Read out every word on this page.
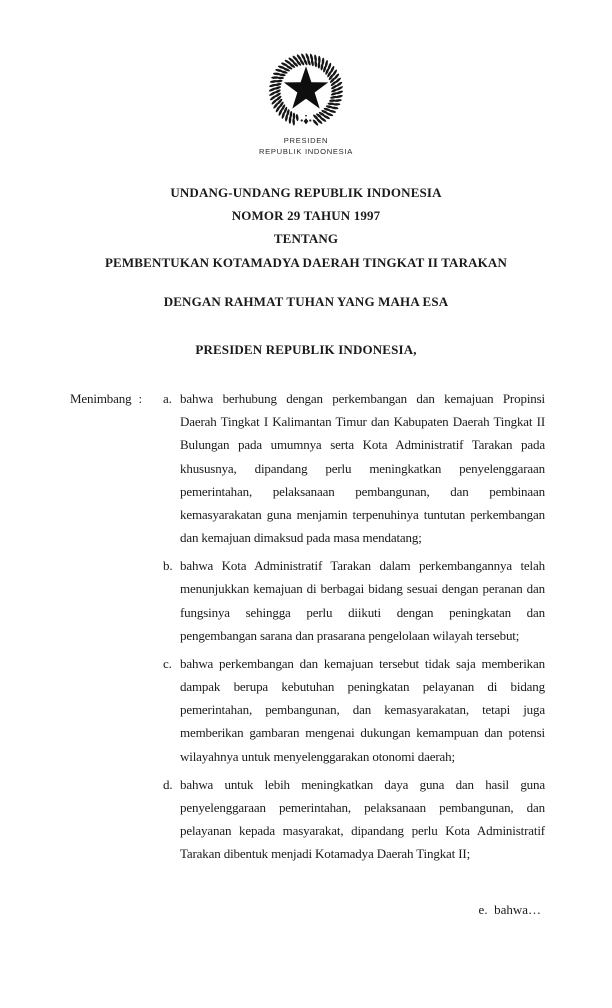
PRESIDEN
REPUBLIK INDONESIA
UNDANG-UNDANG REPUBLIK INDONESIA
NOMOR 29 TAHUN 1997
TENTANG
PEMBENTUKAN KOTAMADYA DAERAH TINGKAT II TARAKAN
DENGAN RAHMAT TUHAN YANG MAHA ESA
PRESIDEN REPUBLIK INDONESIA,
Menimbang : a. bahwa berhubung dengan perkembangan dan kemajuan Propinsi Daerah Tingkat I Kalimantan Timur dan Kabupaten Daerah Tingkat II Bulungan pada umumnya serta Kota Administratif Tarakan pada khususnya, dipandang perlu meningkatkan penyelenggaraan pemerintahan, pelaksanaan pembangunan, dan pembinaan kemasyarakatan guna menjamin terpenuhinya tuntutan perkembangan dan kemajuan dimaksud pada masa mendatang;

b. bahwa Kota Administratif Tarakan dalam perkembangannya telah menunjukkan kemajuan di berbagai bidang sesuai dengan peranan dan fungsinya sehingga perlu diikuti dengan peningkatan dan pengembangan sarana dan prasarana pengelolaan wilayah tersebut;

c. bahwa perkembangan dan kemajuan tersebut tidak saja memberikan dampak berupa kebutuhan peningkatan pelayanan di bidang pemerintahan, pembangunan, dan kemasyarakatan, tetapi juga memberikan gambaran mengenai dukungan kemampuan dan potensi wilayahnya untuk menyelenggarakan otonomi daerah;

d. bahwa untuk lebih meningkatkan daya guna dan hasil guna penyelenggaraan pemerintahan, pelaksanaan pembangunan, dan pelayanan kepada masyarakat, dipandang perlu Kota Administratif Tarakan dibentuk menjadi Kotamadya Daerah Tingkat II;

e.  bahwa…
